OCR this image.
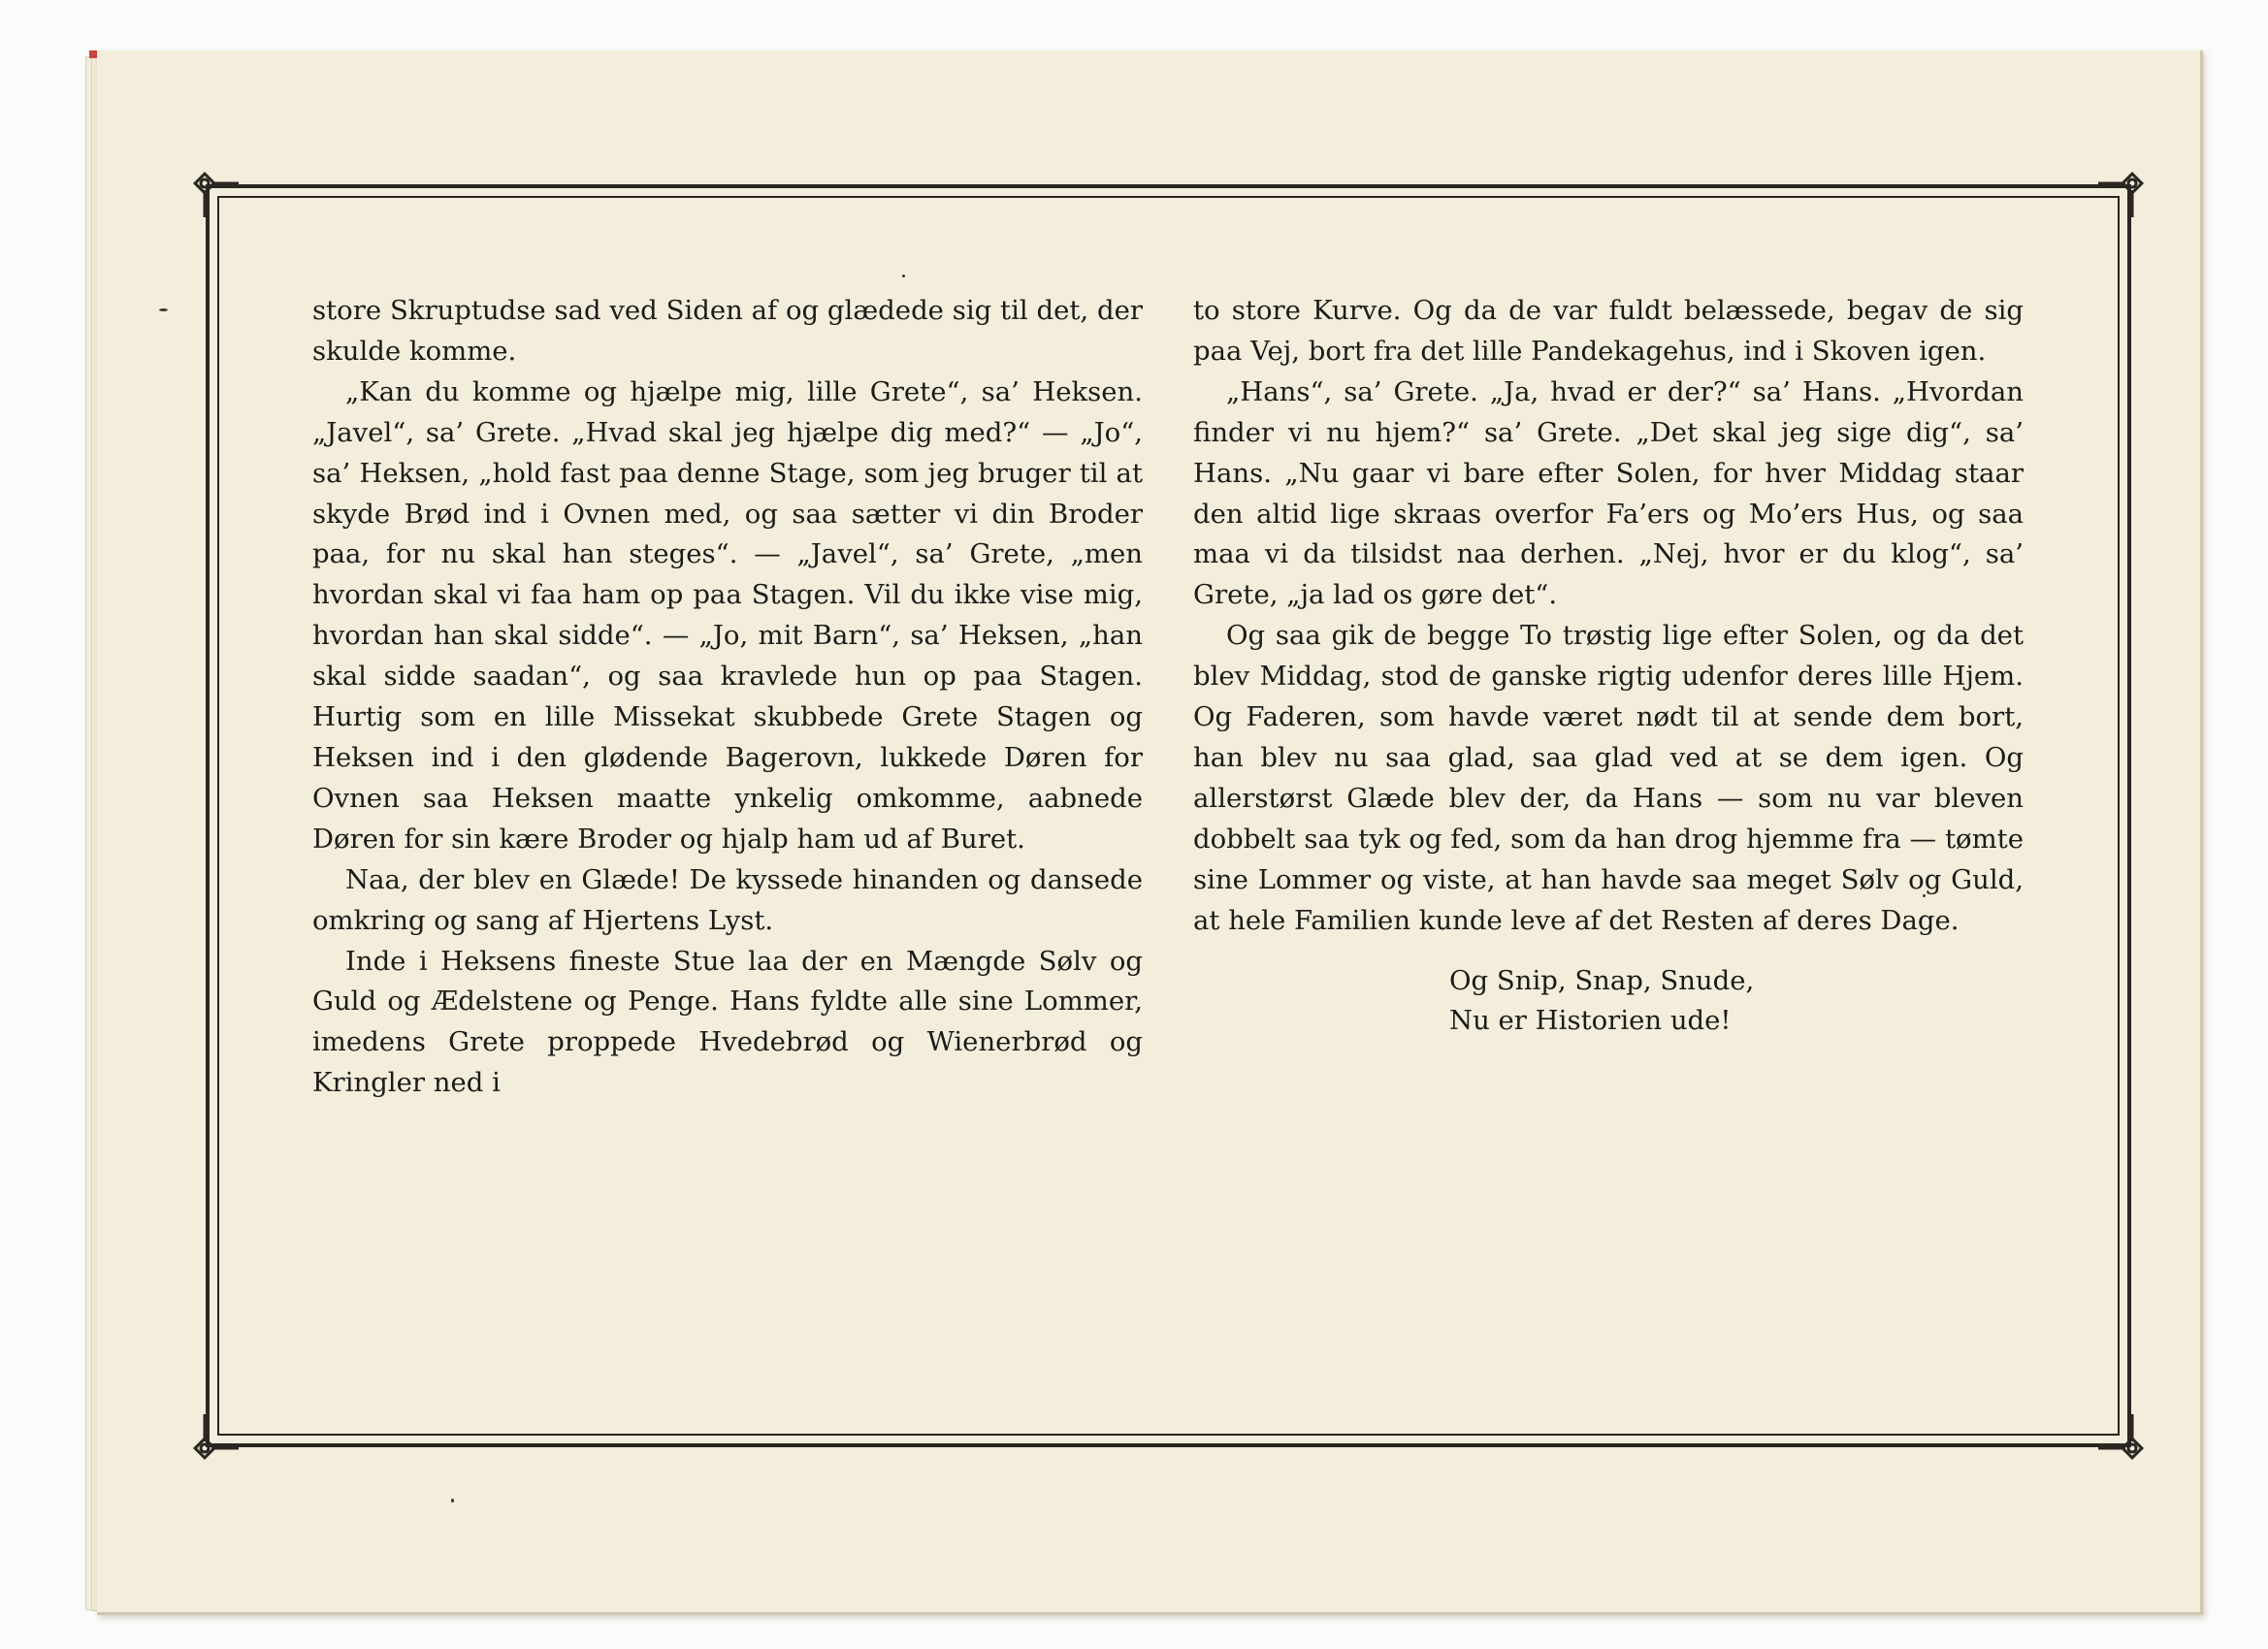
store Skruptudse sad ved Siden af og glædede sig til det, der skulde komme.

„Kan du komme og hjælpe mig, lille Grete“, sa’ Heksen. „Javel“, sa’ Grete. „Hvad skal jeg hjælpe dig med?“ — „Jo“, sa’ Heksen, „hold fast paa denne Stage, som jeg bruger til at skyde Brød ind i Ovnen med, og saa sætter vi din Broder paa, for nu skal han steges“. — „Javel“, sa’ Grete, „men hvordan skal vi faa ham op paa Stagen. Vil du ikke vise mig, hvordan han skal sidde“. — „Jo, mit Barn“, sa’ Heksen, „han skal sidde saadan“, og saa kravlede hun op paa Stagen. Hurtig som en lille Missekat skubbede Grete Stagen og Heksen ind i den glødende Bagerovn, lukkede Døren for Ovnen saa Heksen maatte ynkelig omkomme, aabnede Døren for sin kære Broder og hjalp ham ud af Buret.

Naa, der blev en Glæde! De kyssede hinanden og dansede omkring og sang af Hjertens Lyst.

Inde i Heksens fineste Stue laa der en Mængde Sølv og Guld og Ædelstene og Penge. Hans fyldte alle sine Lommer, imedens Grete proppede Hvedebrød og Wienerbrød og Kringler ned i

to store Kurve. Og da de var fuldt belæssede, begav de sig paa Vej, bort fra det lille Pandekagehus, ind i Skoven igen.

„Hans“, sa’ Grete. „Ja, hvad er der?“ sa’ Hans. „Hvordan finder vi nu hjem?“ sa’ Grete. „Det skal jeg sige dig“, sa’ Hans. „Nu gaar vi bare efter Solen, for hver Middag staar den altid lige skraas overfor Fa’ers og Mo’ers Hus, og saa maa vi da tilsidst naa derhen. „Nej, hvor er du klog“, sa’ Grete, „ja lad os gøre det“.

Og saa gik de begge To trøstig lige efter Solen, og da det blev Middag, stod de ganske rigtig udenfor deres lille Hjem. Og Faderen, som havde været nødt til at sende dem bort, han blev nu saa glad, saa glad ved at se dem igen. Og allerstørst Glæde blev der, da Hans — som nu var bleven dobbelt saa tyk og fed, som da han drog hjemme fra — tømte sine Lommer og viste, at han havde saa meget Sølv og Guld, at hele Familien kunde leve af det Resten af deres Dage.

Og Snip, Snap, Snude,
Nu er Historien ude!
